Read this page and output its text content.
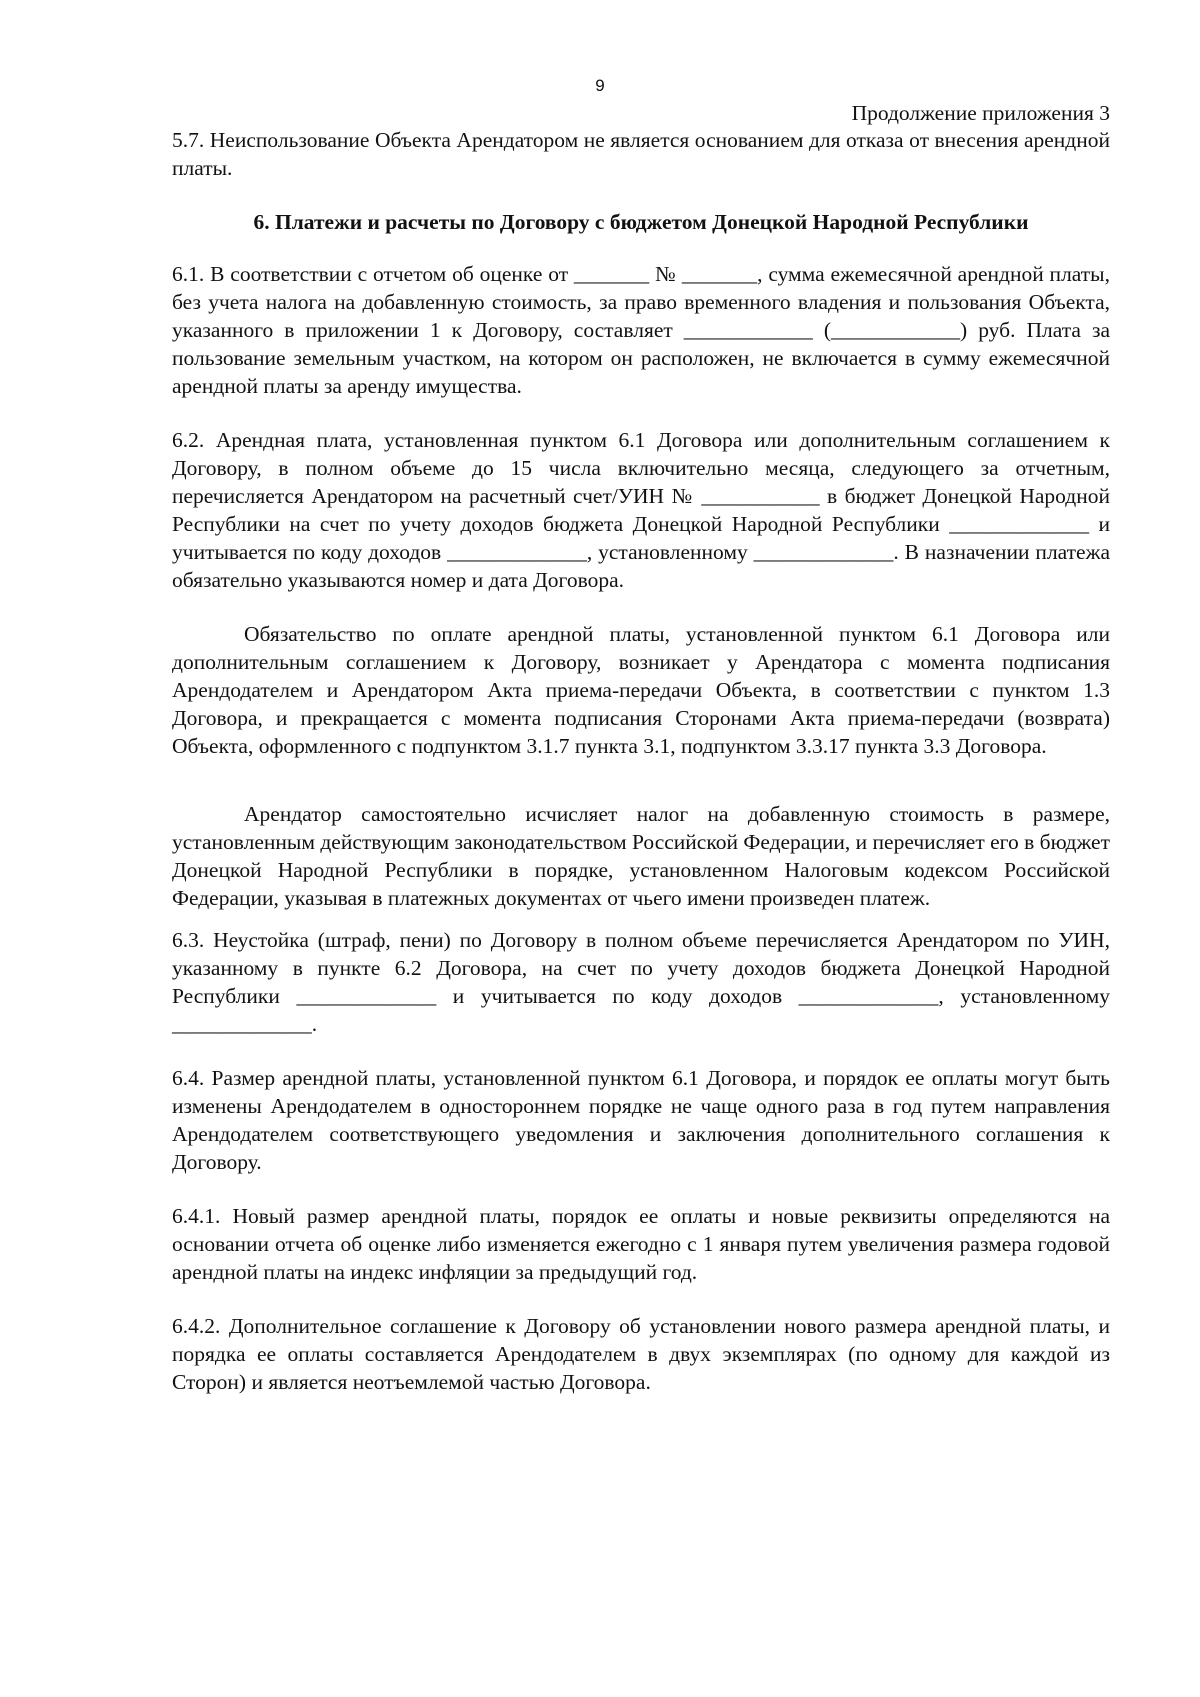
9
Продолжение приложения 3

5.7. Неиспользование Объекта Арендатором не является основанием для отказа от внесения арендной платы.

6. Платежи и расчеты по Договору с бюджетом Донецкой Народной Республики

6.1. В соответствии с отчетом об оценке от _______ № _______, сумма ежемесячной арендной платы, без учета налога на добавленную стоимость, за право временного владения и пользования Объекта, указанного в приложении 1 к Договору, составляет ____________ (____________) руб. Плата за пользование земельным участком, на котором он расположен, не включается в сумму ежемесячной арендной платы за аренду имущества.

6.2. Арендная плата, установленная пунктом 6.1 Договора или дополнительным соглашением к Договору, в полном объеме до 15 числа включительно месяца, следующего за отчетным, перечисляется Арендатором на расчетный счет/УИН № ___________ в бюджет Донецкой Народной Республики на счет по учету доходов бюджета Донецкой Народной Республики _____________ и учитывается по коду доходов _____________, установленному _____________. В назначении платежа обязательно указываются номер и дата Договора.

Обязательство по оплате арендной платы, установленной пунктом 6.1 Договора или дополнительным соглашением к Договору, возникает у Арендатора с момента подписания Арендодателем и Арендатором Акта приема-передачи Объекта, в соответствии с пунктом 1.3 Договора, и прекращается с момента подписания Сторонами Акта приема-передачи (возврата) Объекта, оформленного с подпунктом 3.1.7 пункта 3.1, подпунктом 3.3.17 пункта 3.3 Договора.

Арендатор самостоятельно исчисляет налог на добавленную стоимость в размере, установленным действующим законодательством Российской Федерации, и перечисляет его в бюджет Донецкой Народной Республики в порядке, установленном Налоговым кодексом Российской Федерации, указывая в платежных документах от чьего имени произведен платеж.

6.3. Неустойка (штраф, пени) по Договору в полном объеме перечисляется Арендатором по УИН, указанному в пункте 6.2 Договора, на счет по учету доходов бюджета Донецкой Народной Республики _____________ и учитывается по коду доходов _____________, установленному _____________.

6.4. Размер арендной платы, установленной пунктом 6.1 Договора, и порядок ее оплаты могут быть изменены Арендодателем в одностороннем порядке не чаще одного раза в год путем направления Арендодателем соответствующего уведомления и заключения дополнительного соглашения к Договору.

6.4.1. Новый размер арендной платы, порядок ее оплаты и новые реквизиты определяются на основании отчета об оценке либо изменяется ежегодно с 1 января путем увеличения размера годовой арендной платы на индекс инфляции за предыдущий год.

6.4.2. Дополнительное соглашение к Договору об установлении нового размера арендной платы, и порядка ее оплаты составляется Арендодателем в двух экземплярах (по одному для каждой из Сторон) и является неотъемлемой частью Договора.
